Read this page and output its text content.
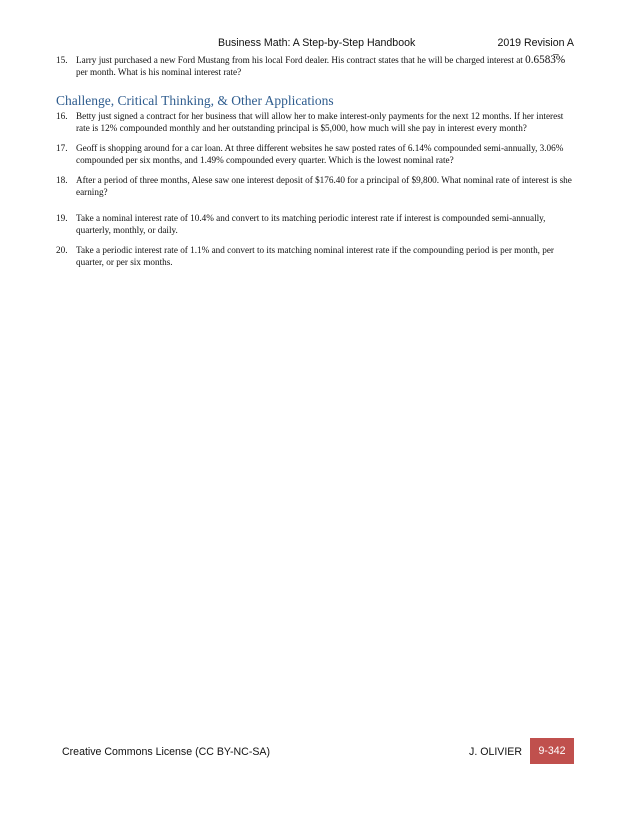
Business Math: A Step-by-Step Handbook	2019 Revision A
15. Larry just purchased a new Ford Mustang from his local Ford dealer. His contract states that he will be charged interest at 0.6583̅% per month. What is his nominal interest rate?
Challenge, Critical Thinking, & Other Applications
16. Betty just signed a contract for her business that will allow her to make interest-only payments for the next 12 months. If her interest rate is 12% compounded monthly and her outstanding principal is $5,000, how much will she pay in interest every month?
17. Geoff is shopping around for a car loan. At three different websites he saw posted rates of 6.14% compounded semi-annually, 3.06% compounded per six months, and 1.49% compounded every quarter. Which is the lowest nominal rate?
18. After a period of three months, Alese saw one interest deposit of $176.40 for a principal of $9,800. What nominal rate of interest is she earning?
19. Take a nominal interest rate of 10.4% and convert to its matching periodic interest rate if interest is compounded semi-annually, quarterly, monthly, or daily.
20. Take a periodic interest rate of 1.1% and convert to its matching nominal interest rate if the compounding period is per month, per quarter, or per six months.
Creative Commons License (CC BY-NC-SA)	J. OLIVIER	9-342
